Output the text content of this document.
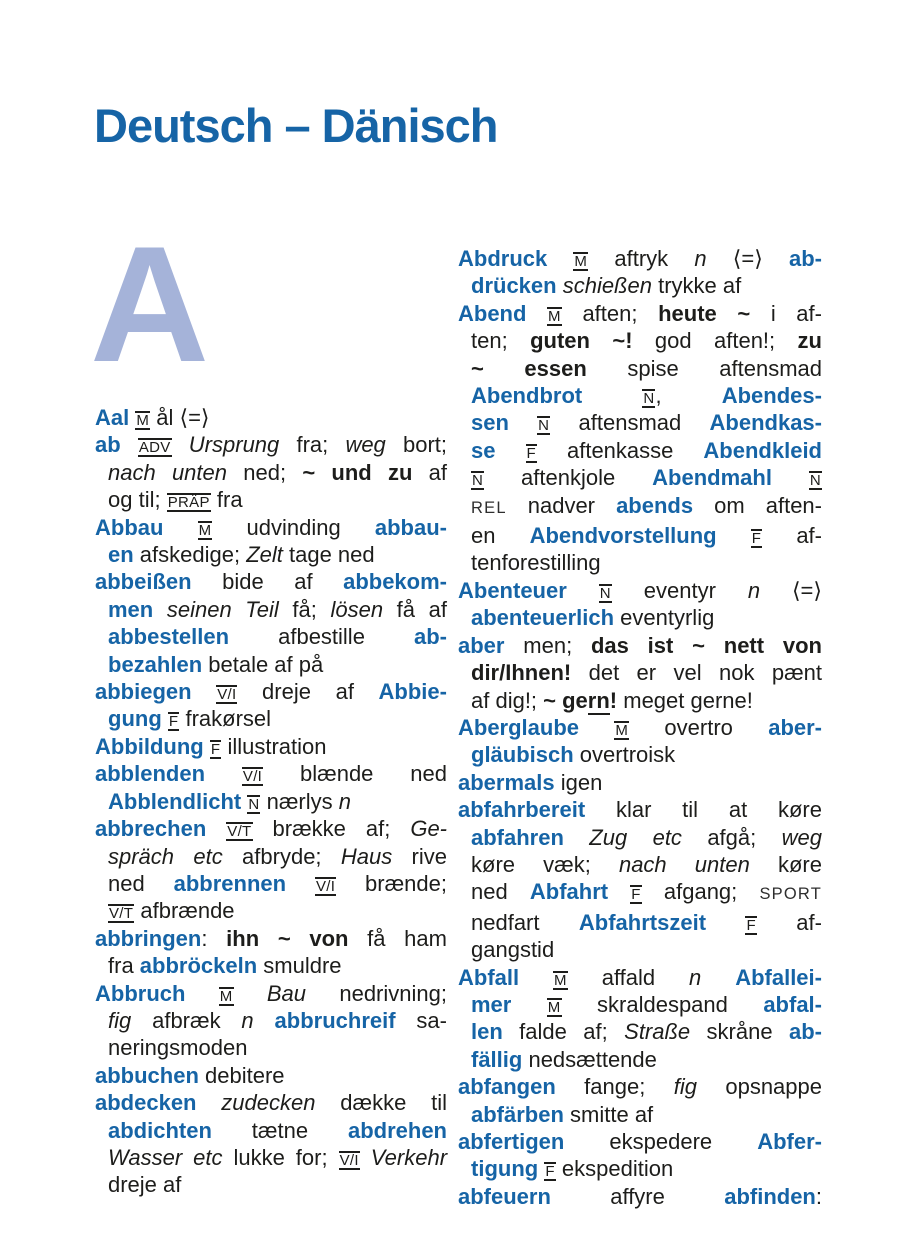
Deutsch – Dänisch
A
Aal M ål ⟨=⟩
ab ADV Ursprung fra; weg bort;
nach unten ned; ~ und zu af
og til; PRÄP fra
Abbau M udvinding abbau-
en afskedige; Zelt tage ned
abbeißen bide af abbekom-
men seinen Teil få; lösen få af
abbestellen afbestille ab-
bezahlen betale af på
abbiegen V/I dreje af Abbie-
gung F frakørsel
Abbildung F illustration
abblenden V/I blænde ned
Abblendlicht N nærlys n
abbrechen V/T brække af; Ge-
spräch etc afbryde; Haus rive
ned abbrennen V/I brænde;
V/T afbrænde
abbringen: ihn ~ von få ham
fra abbröckeln smuldre
Abbruch M Bau nedrivning;
fig afbræk n abbruchreif sa-
neringsmoden
abbuchen debitere
abdecken zudecken dække til
abdichten tætne abdrehen
Wasser etc lukke for; V/I Verkehr
dreje af
Abdruck M aftryk n ⟨=⟩ ab-
drücken schießen trykke af
Abend M aften; heute ~ i af-
ten; guten ~! god aften!; zu
~ essen spise aftensmad
Abendbrot N, Abendes-
sen N aftensmad Abendkas-
se F aftenkasse Abendkleid
N aftenkjole Abendmahl N
REL nadver abends om aften-
en Abendvorstellung F af-
tenforestilling
Abenteuer N eventyr n ⟨=⟩
abenteuerlich eventyrlig
aber men; das ist ~ nett von
dir/Ihnen! det er vel nok pænt
af dig!; ~ gern! meget gerne!
Aberglaube M overtro aber-
gläubisch overtroisk
abermals igen
abfahrbereit klar til at køre
abfahren Zug etc afgå; weg
køre væk; nach unten køre
ned Abfahrt F afgang; SPORT
nedfart Abfahrtszeit F af-
gangstid
Abfall M affald n Abfallei-
mer M skraldespand abfal-
len falde af; Straße skråne ab-
fällig nedsættende
abfangen fange; fig opsnappe
abfärben smitte af
abfertigen ekspedere Abfer-
tigung F ekspedition
abfeuern affyre abfinden:
